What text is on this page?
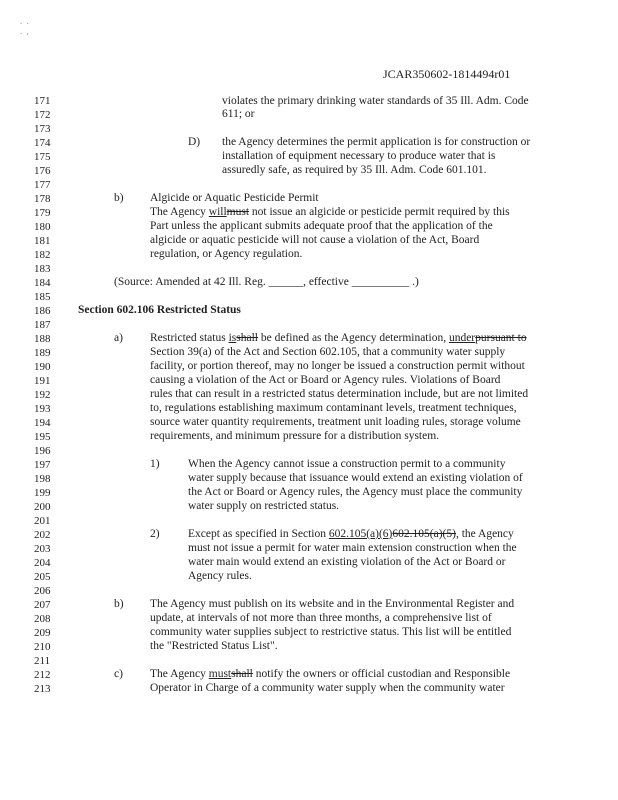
. .
. ,
JCAR350602-1814494r01
171
172
173
174
175
176
177
178
179
180
181
182
183
184
185
186
187
188
189
190
191
192
193
194
195
196
197
198
199
200
201
202
203
204
205
206
207
208
209
210
211
212
213
violates the primary drinking water standards of 35 Ill. Adm. Code
611; or
D) the Agency determines the permit application is for construction or
installation of equipment necessary to produce water that is
assuredly safe, as required by 35 Ill. Adm. Code 601.101.
b) Algicide or Aquatic Pesticide Permit
The Agency willmust not issue an algicide or pesticide permit required by this
Part unless the applicant submits adequate proof that the application of the
algicide or aquatic pesticide will not cause a violation of the Act, Board
regulation, or Agency regulation.
(Source: Amended at 42 Ill. Reg. ______, effective __________ .)
Section 602.106 Restricted Status
a) Restricted status isshall be defined as the Agency determination, underpursuant to
Section 39(a) of the Act and Section 602.105, that a community water supply
facility, or portion thereof, may no longer be issued a construction permit without
causing a violation of the Act or Board or Agency rules. Violations of Board
rules that can result in a restricted status determination include, but are not limited
to, regulations establishing maximum contaminant levels, treatment techniques,
source water quantity requirements, treatment unit loading rules, storage volume
requirements, and minimum pressure for a distribution system.
1) When the Agency cannot issue a construction permit to a community
water supply because that issuance would extend an existing violation of
the Act or Board or Agency rules, the Agency must place the community
water supply on restricted status.
2) Except as specified in Section 602.105(a)(6)602.105(a)(5), the Agency
must not issue a permit for water main extension construction when the
water main would extend an existing violation of the Act or Board or
Agency rules.
b) The Agency must publish on its website and in the Environmental Register and
update, at intervals of not more than three months, a comprehensive list of
community water supplies subject to restrictive status. This list will be entitled
the "Restricted Status List".
c) The Agency mustshall notify the owners or official custodian and Responsible
Operator in Charge of a community water supply when the community water
